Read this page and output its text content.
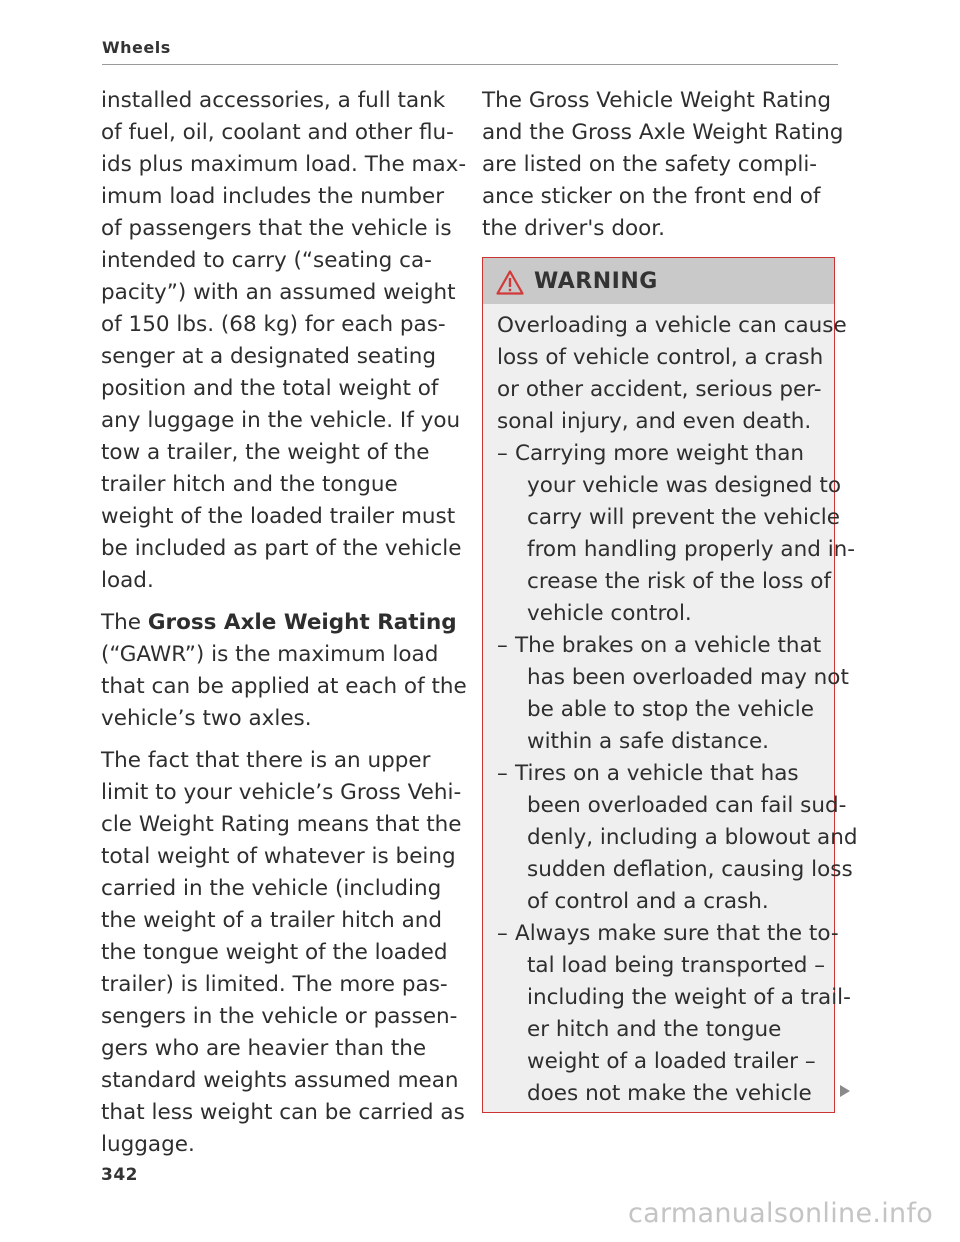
Wheels
installed accessories, a full tank
of fuel, oil, coolant and other flu-
ids plus maximum load. The max-
imum load includes the number
of passengers that the vehicle is
intended to carry (“seating ca-
pacity”) with an assumed weight
of 150 lbs. (68 kg) for each pas-
senger at a designated seating
position and the total weight of
any luggage in the vehicle. If you
tow a trailer, the weight of the
trailer hitch and the tongue
weight of the loaded trailer must
be included as part of the vehicle
load.
The Gross Axle Weight Rating
(“GAWR”) is the maximum load
that can be applied at each of the
vehicle’s two axles.
The fact that there is an upper
limit to your vehicle’s Gross Vehi-
cle Weight Rating means that the
total weight of whatever is being
carried in the vehicle (including
the weight of a trailer hitch and
the tongue weight of the loaded
trailer) is limited. The more pas-
sengers in the vehicle or passen-
gers who are heavier than the
standard weights assumed mean
that less weight can be carried as
luggage.
The Gross Vehicle Weight Rating
and the Gross Axle Weight Rating
are listed on the safety compli-
ance sticker on the front end of
the driver's door.
WARNING
Overloading a vehicle can cause
loss of vehicle control, a crash
or other accident, serious per-
sonal injury, and even death.
– Carrying more weight than
your vehicle was designed to
carry will prevent the vehicle
from handling properly and in-
crease the risk of the loss of
vehicle control.
– The brakes on a vehicle that
has been overloaded may not
be able to stop the vehicle
within a safe distance.
– Tires on a vehicle that has
been overloaded can fail sud-
denly, including a blowout and
sudden deflation, causing loss
of control and a crash.
– Always make sure that the to-
tal load being transported –
including the weight of a trail-
er hitch and the tongue
weight of a loaded trailer –
does not make the vehicle
342
carmanualsonline.info
